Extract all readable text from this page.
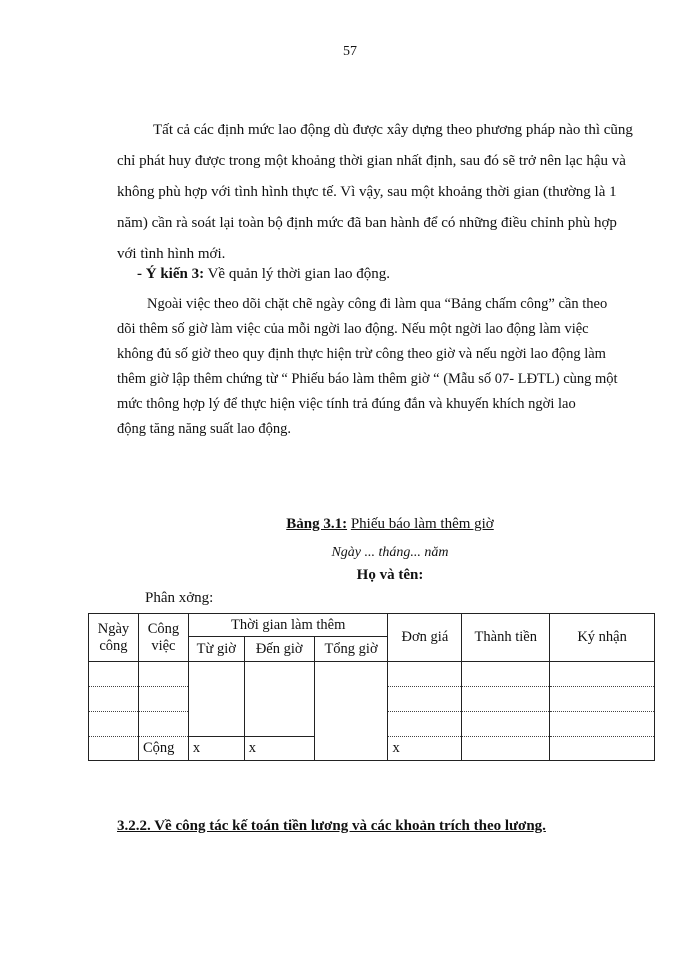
57
Tất cả các định mức lao động dù được xây dựng theo phương pháp nào thì cũng
chỉ phát huy được trong một khoảng thời gian nhất định, sau đó sẽ trở nên lạc hậu và
không phù hợp với tình hình thực tế. Vì vậy, sau một khoảng thời gian (thường là 1
năm) cần rà soát lại toàn bộ định mức đã ban hành để có những điều chỉnh phù hợp
với tình hình mới.
- Ý kiến 3: Về quản lý thời gian lao động.
Ngoài việc theo dõi chặt chẽ ngày công đi làm qua “Bảng chấm công” cần theo
dõi thêm số giờ làm việc của mỗi ngời lao động. Nếu một ngời lao động làm việc
không đủ số giờ theo quy định thực hiện trừ công theo giờ và nếu ngời lao động làm
thêm giờ lập thêm chứng từ “ Phiếu báo làm thêm giờ “ (Mẫu số 07- LĐTL) cùng một
mức thông hợp lý để thực hiện việc tính trả đúng đắn và khuyến khích ngời lao
động tăng năng suất lao động.
Bảng 3.1: Phiếu báo làm thêm giờ
Ngày ... tháng... năm
Họ và tên:
Phân xởng:
Ngày công	Công việc	Thời gian làm thêm			Đơn giá	Thành tiền	Ký nhận
		Từ giờ	Đến giờ	Tổng giờ			

	Cộng	x	x		x		
3.2.2. Về công tác kế toán tiền lương và các khoản trích theo lương.
